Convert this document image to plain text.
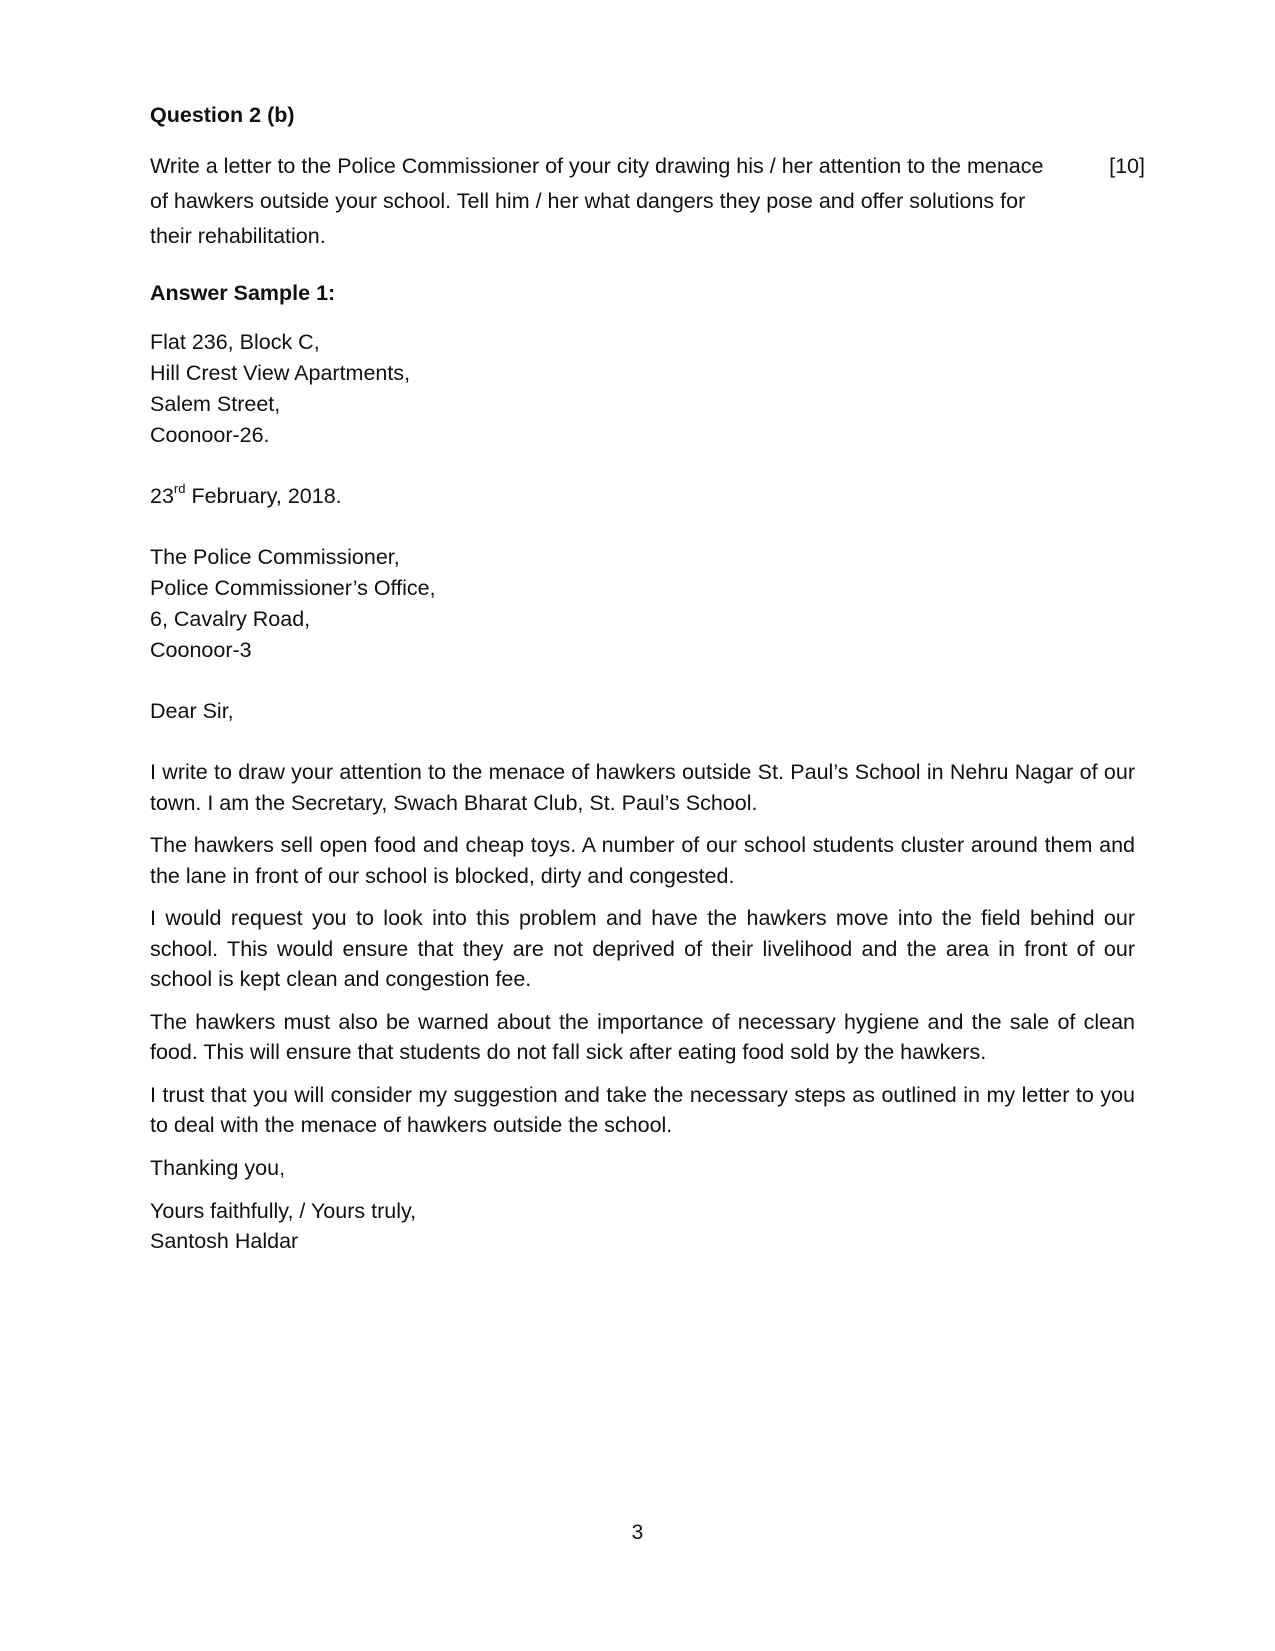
Question 2 (b)
Write a letter to the Police Commissioner of your city drawing his / her attention to the menace of hawkers outside your school. Tell him / her what dangers they pose and offer solutions for their rehabilitation.
[10]
Answer Sample 1:
Flat 236, Block C,
Hill Crest View Apartments,
Salem Street,
Coonoor-26.
23rd February, 2018.
The Police Commissioner,
Police Commissioner’s Office,
6, Cavalry Road,
Coonoor-3
Dear Sir,
I write to draw your attention to the menace of hawkers outside St. Paul’s School in Nehru Nagar of our town. I am the Secretary, Swach Bharat Club, St. Paul’s School.
The hawkers sell open food and cheap toys. A number of our school students cluster around them and the lane in front of our school is blocked, dirty and congested.
I would request you to look into this problem and have the hawkers move into the field behind our school. This would ensure that they are not deprived of their livelihood and the area in front of our school is kept clean and congestion fee.
The hawkers must also be warned about the importance of necessary hygiene and the sale of clean food. This will ensure that students do not fall sick after eating food sold by the hawkers.
I trust that you will consider my suggestion and take the necessary steps as outlined in my letter to you to deal with the menace of hawkers outside the school.
Thanking you,
Yours faithfully, / Yours truly,
Santosh Haldar
3
